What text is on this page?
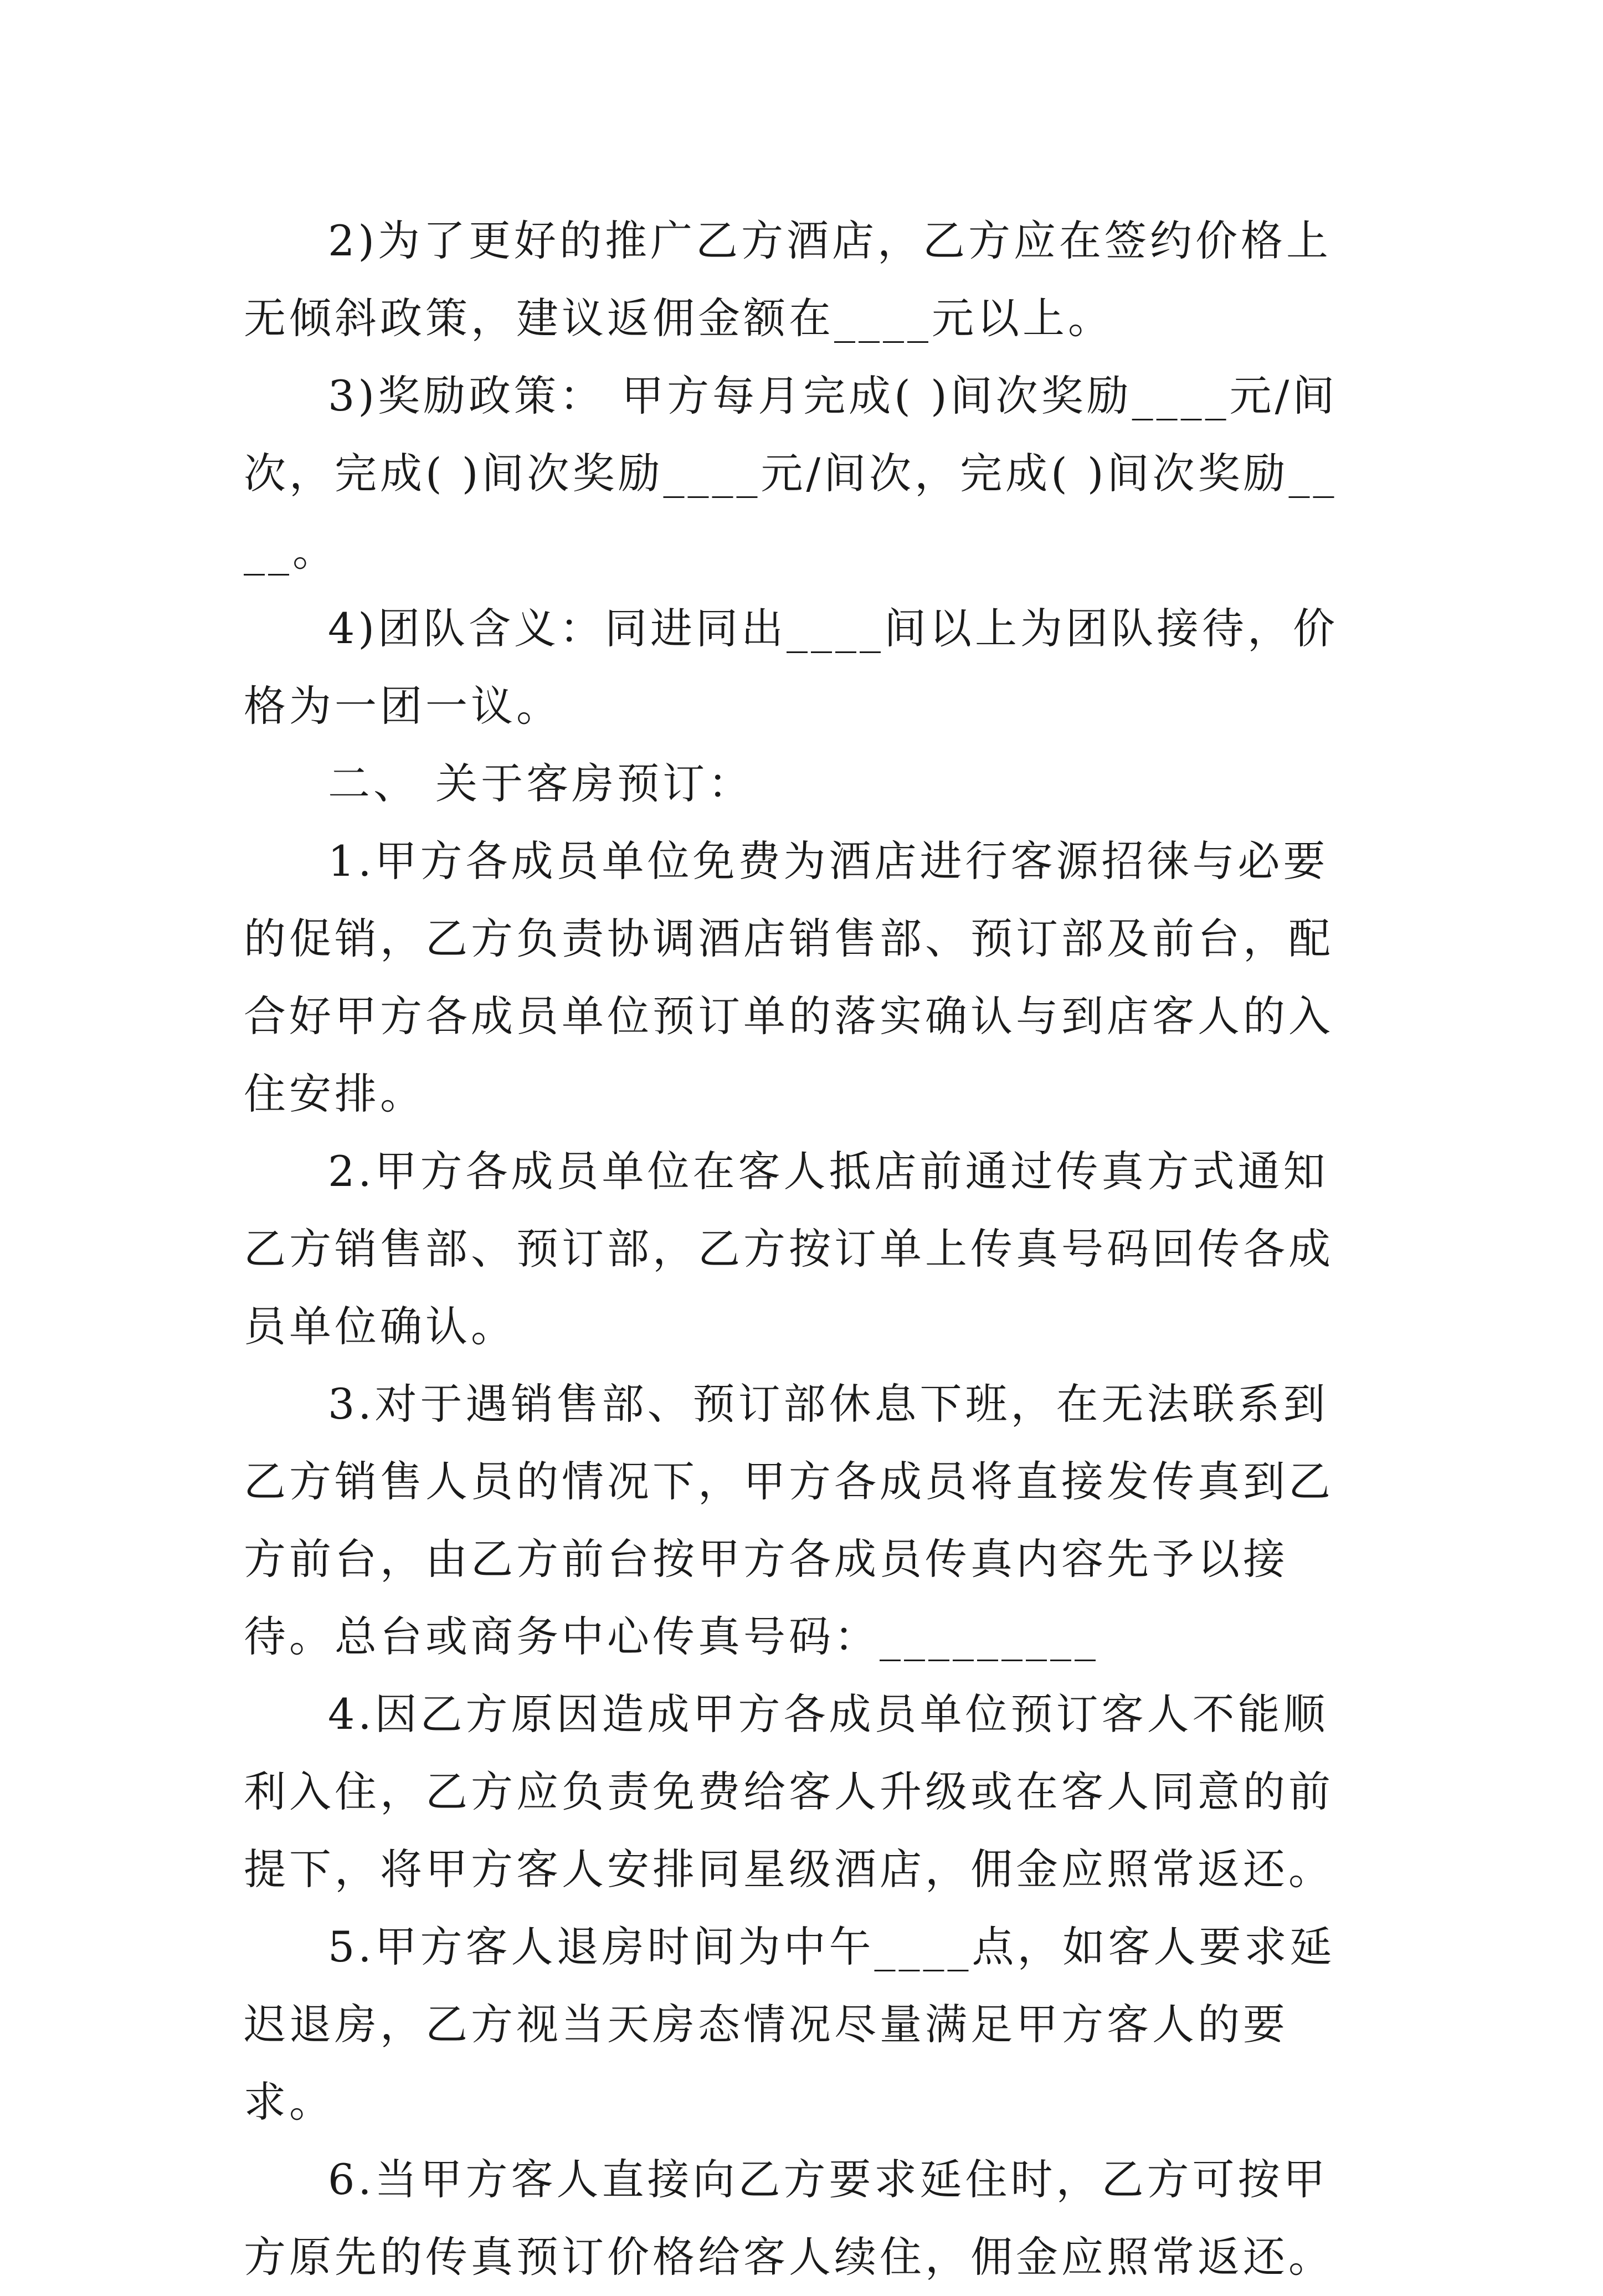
2)为了更好的推广乙方酒店，乙方应在签约价格上无倾斜政策，建议返佣金额在____元以上。

3)奖励政策： 甲方每月完成( )间次奖励____元/间次，完成( )间次奖励____元/间次，完成( )间次奖励____。

4)团队含义：同进同出____间以上为团队接待，价格为一团一议。

二、 关于客房预订：

1.甲方各成员单位免费为酒店进行客源招徕与必要的促销，乙方负责协调酒店销售部、预订部及前台，配合好甲方各成员单位预订单的落实确认与到店客人的入住安排。

2.甲方各成员单位在客人抵店前通过传真方式通知乙方销售部、预订部，乙方按订单上传真号码回传各成员单位确认。

3.对于遇销售部、预订部休息下班，在无法联系到乙方销售人员的情况下，甲方各成员将直接发传真到乙方前台，由乙方前台按甲方各成员传真内容先予以接待。总台或商务中心传真号码：_________

4.因乙方原因造成甲方各成员单位预订客人不能顺利入住，乙方应负责免费给客人升级或在客人同意的前提下，将甲方客人安排同星级酒店，佣金应照常返还。

5.甲方客人退房时间为中午____点，如客人要求延迟退房，乙方视当天房态情况尽量满足甲方客人的要求。

6.当甲方客人直接向乙方要求延住时，乙方可按甲方原先的传真预订价格给客人续住，佣金应照常返还。
